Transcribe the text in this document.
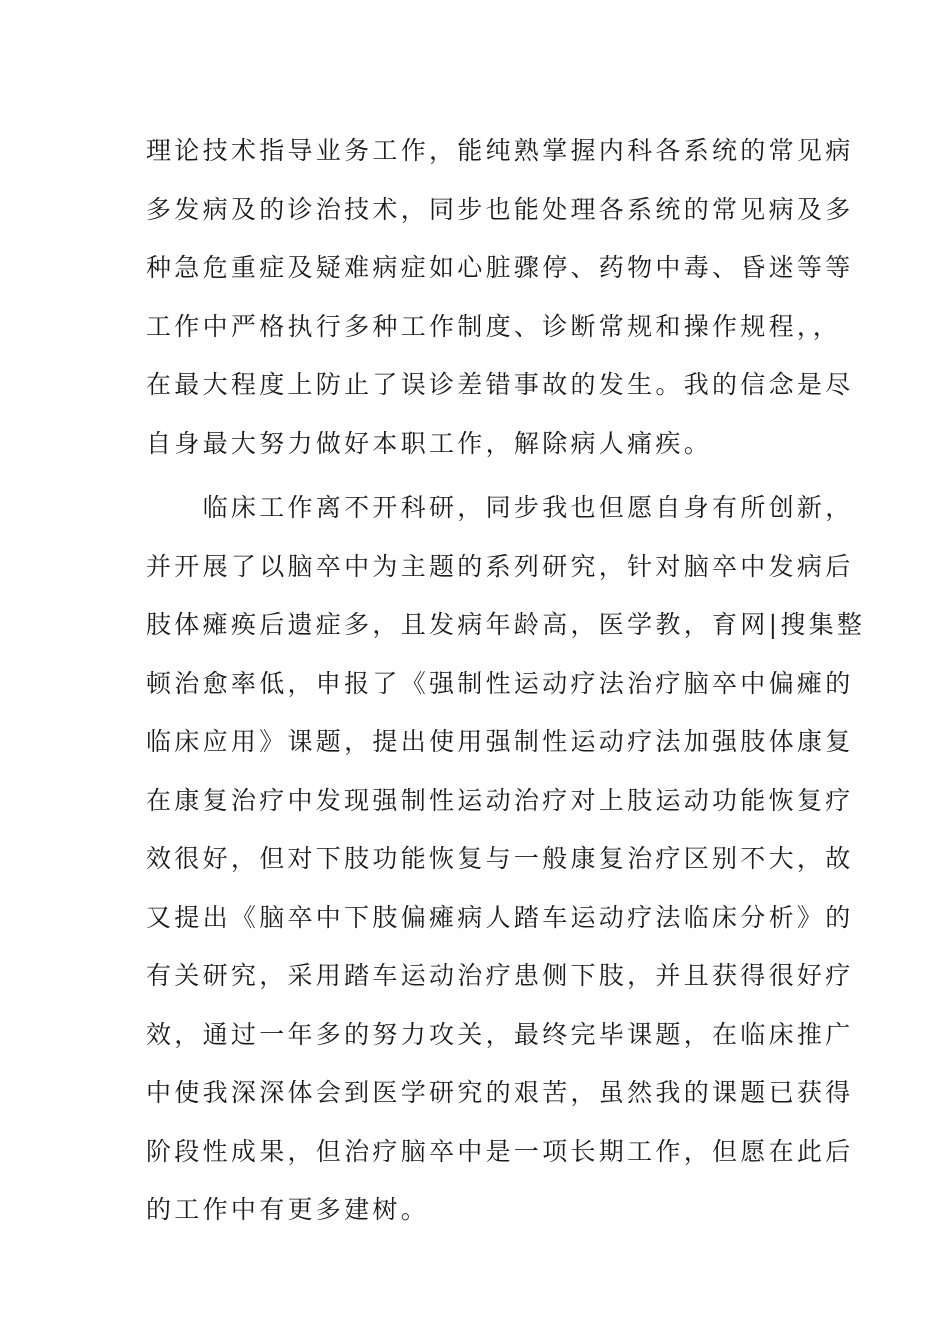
理论技术指导业务工作，能纯熟掌握内科各系统的常见病
多发病及的诊治技术，同步也能处理各系统的常见病及多
种急危重症及疑难病症如心脏骤停、药物中毒、昏迷等等
工作中严格执行多种工作制度、诊断常规和操作规程，，
在最大程度上防止了误诊差错事故的发生。我的信念是尽
自身最大努力做好本职工作，解除病人痛疾。
　　临床工作离不开科研，同步我也但愿自身有所创新，
并开展了以脑卒中为主题的系列研究，针对脑卒中发病后
肢体瘫痪后遗症多，且发病年龄高，医学教，育网|搜集整
顿治愈率低，申报了《强制性运动疗法治疗脑卒中偏瘫的
临床应用》课题，提出使用强制性运动疗法加强肢体康复
在康复治疗中发现强制性运动治疗对上肢运动功能恢复疗
效很好，但对下肢功能恢复与一般康复治疗区别不大，故
又提出《脑卒中下肢偏瘫病人踏车运动疗法临床分析》的
有关研究，采用踏车运动治疗患侧下肢，并且获得很好疗
效，通过一年多的努力攻关，最终完毕课题，在临床推广
中使我深深体会到医学研究的艰苦，虽然我的课题已获得
阶段性成果，但治疗脑卒中是一项长期工作，但愿在此后
的工作中有更多建树。
